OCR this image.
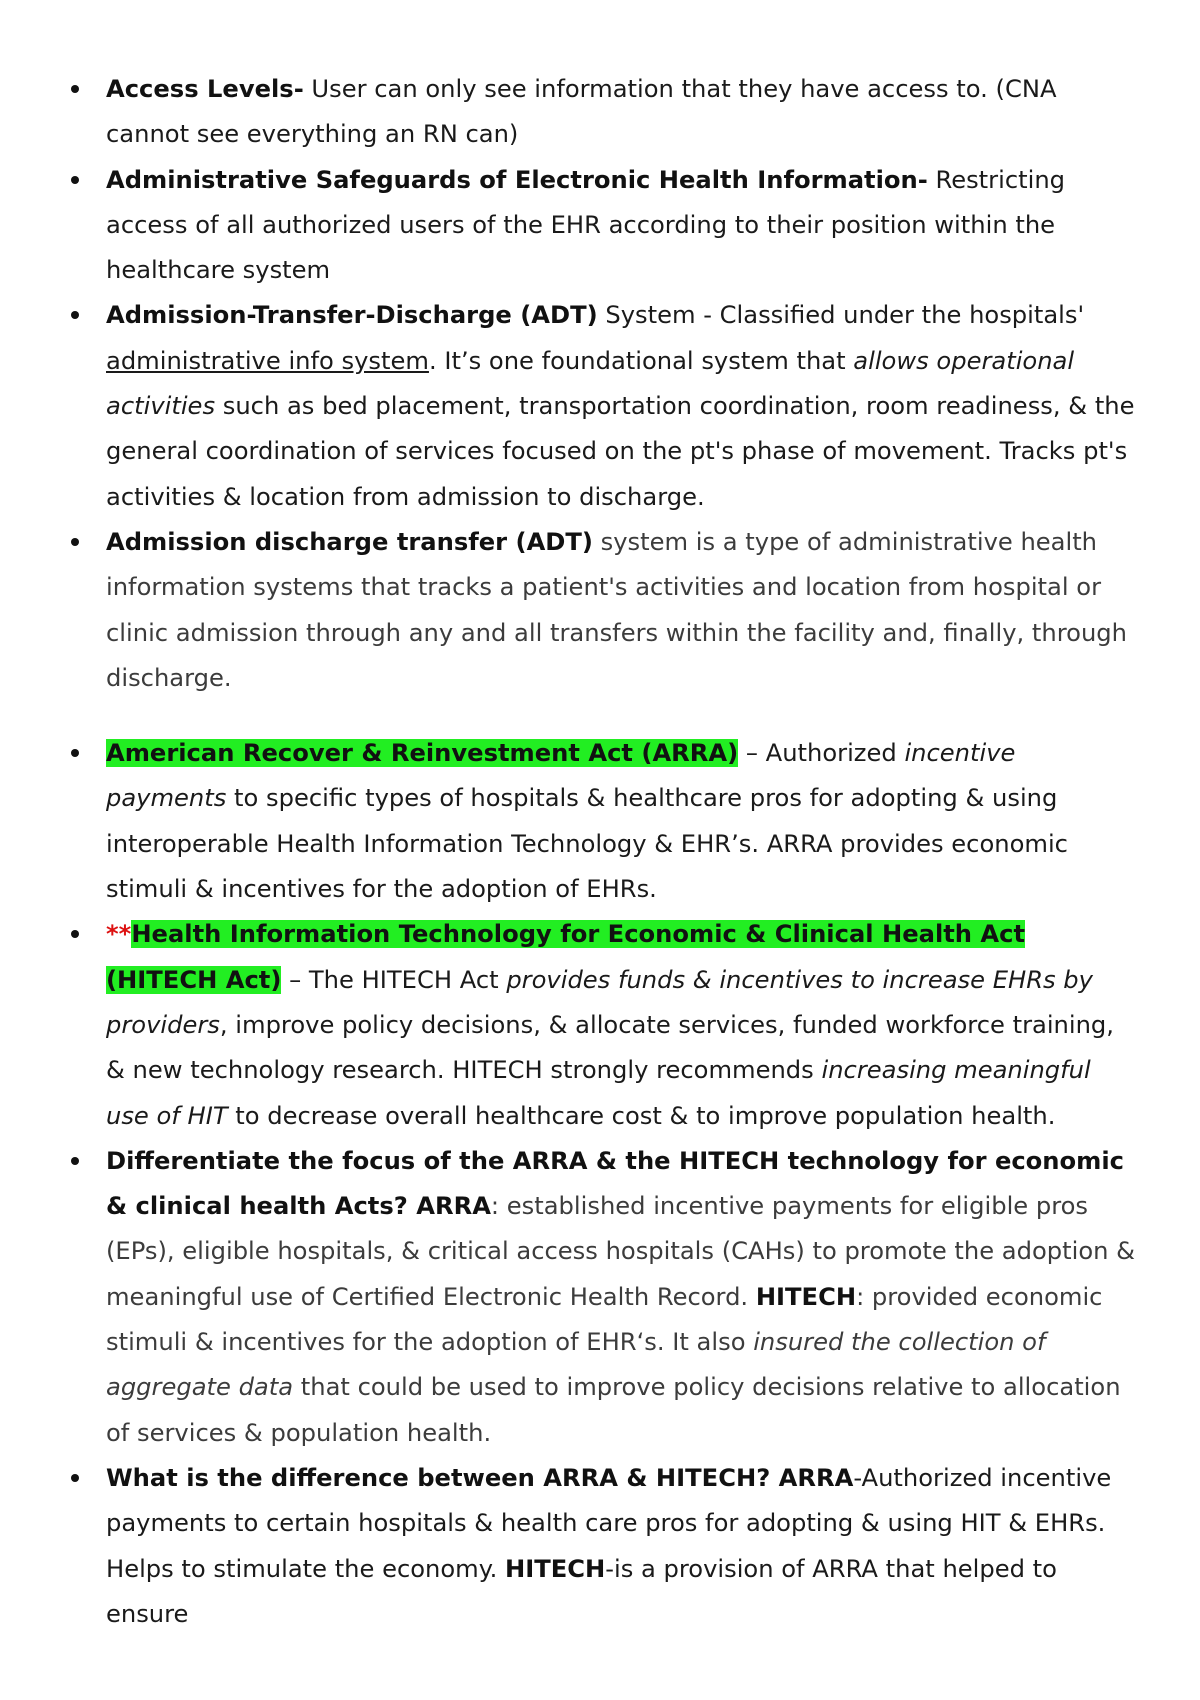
Access Levels- User can only see information that they have access to. (CNA cannot see everything an RN can)
Administrative Safeguards of Electronic Health Information- Restricting access of all authorized users of the EHR according to their position within the healthcare system
Admission-Transfer-Discharge (ADT) System - Classified under the hospitals' administrative info system. It’s one foundational system that allows operational activities such as bed placement, transportation coordination, room readiness, & the general coordination of services focused on the pt's phase of movement. Tracks pt's activities & location from admission to discharge.
Admission discharge transfer (ADT) system is a type of administrative health information systems that tracks a patient's activities and location from hospital or clinic admission through any and all transfers within the facility and, finally, through discharge.
American Recover & Reinvestment Act (ARRA) – Authorized incentive payments to specific types of hospitals & healthcare pros for adopting & using interoperable Health Information Technology & EHR’s. ARRA provides economic stimuli & incentives for the adoption of EHRs.
**Health Information Technology for Economic & Clinical Health Act (HITECH Act) – The HITECH Act provides funds & incentives to increase EHRs by providers, improve policy decisions, & allocate services, funded workforce training, & new technology research. HITECH strongly recommends increasing meaningful use of HIT to decrease overall healthcare cost & to improve population health.
Differentiate the focus of the ARRA & the HITECH technology for economic & clinical health Acts? ARRA: established incentive payments for eligible pros (EPs), eligible hospitals, & critical access hospitals (CAHs) to promote the adoption & meaningful use of Certified Electronic Health Record. HITECH: provided economic stimuli & incentives for the adoption of EHR‘s. It also insured the collection of aggregate data that could be used to improve policy decisions relative to allocation of services & population health.
What is the difference between ARRA & HITECH? ARRA-Authorized incentive payments to certain hospitals & health care pros for adopting & using HIT & EHRs. Helps to stimulate the economy. HITECH-is a provision of ARRA that helped to ensure
